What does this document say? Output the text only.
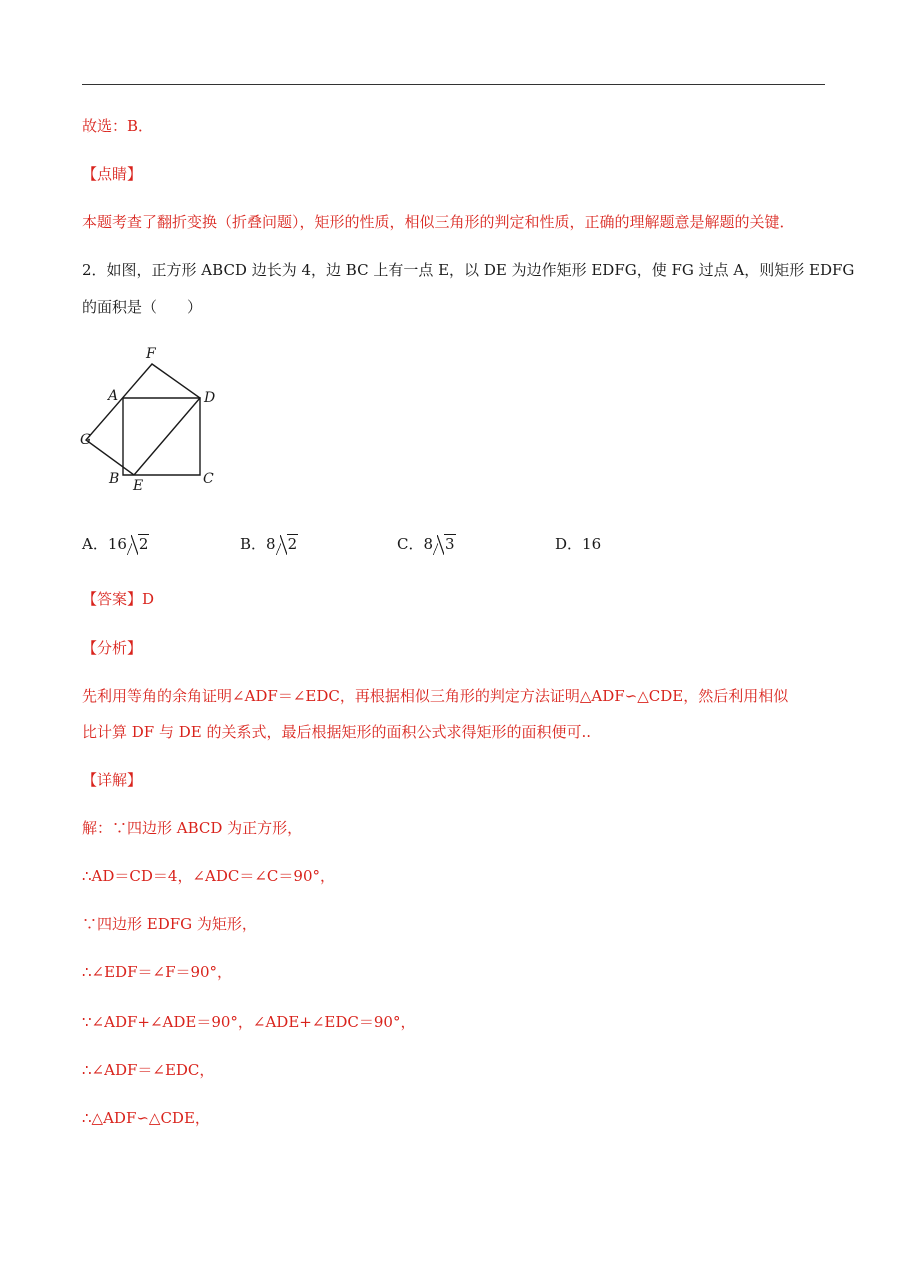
故选：B．
【点睛】
本题考查了翻折变换（折叠问题），矩形的性质，相似三角形的判定和性质，正确的理解题意是解题的关键．
2．如图，正方形 ABCD 边长为 4，边 BC 上有一点 E，以 DE 为边作矩形 EDFG，使 FG 过点 A，则矩形 EDFG
的面积是（　　）
F
A	D
G
B E	C
A．16 2	B．8 2	C．8 3	D．16
【答案】D
【分析】
先利用等角的余角证明∠ADF＝∠EDC，再根据相似三角形的判定方法证明△ADF∽△CDE，然后利用相似
比计算 DF 与 DE 的关系式，最后根据矩形的面积公式求得矩形的面积便可..
【详解】
解：∵四边形 ABCD 为正方形，
∴AD＝CD＝4，∠ADC＝∠C＝90°，
∵四边形 EDFG 为矩形，
∴∠EDF＝∠F＝90°，
∵∠ADF+∠ADE＝90°，∠ADE+∠EDC＝90°，
∴∠ADF＝∠EDC，
∴△ADF∽△CDE，
